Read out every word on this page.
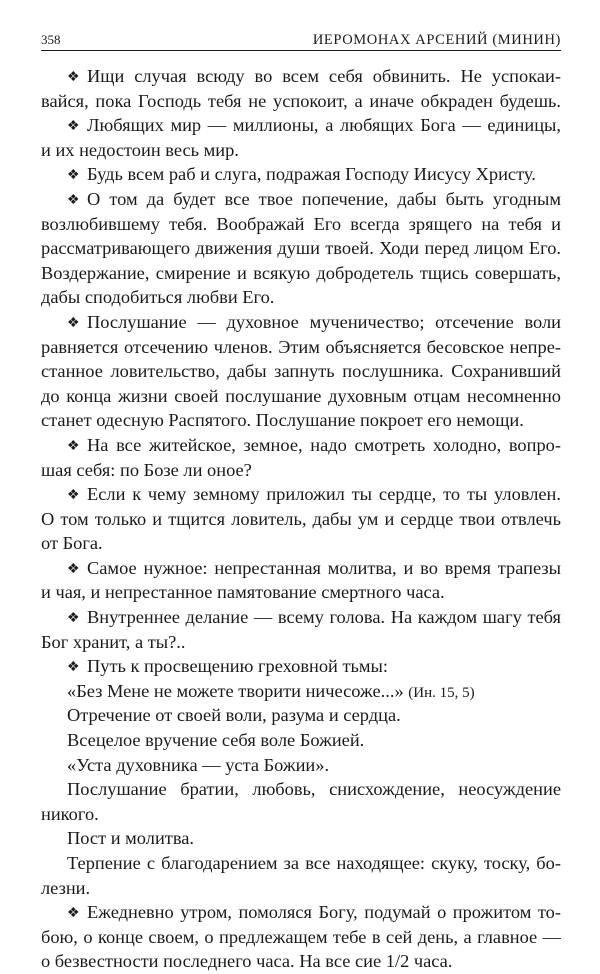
358	ИЕРОМОНАХ АРСЕНИЙ (МИНИН)
❖ Ищи случая всюду во всем себя обвинить. Не успокаи-
вайся, пока Господь тебя не успокоит, а иначе обкраден будешь.
❖ Любящих мир — миллионы, а любящих Бога — единицы,
и их недостоин весь мир.
❖ Будь всем раб и слуга, подражая Господу Иисусу Христу.
❖ О том да будет все твое попечение, дабы быть угодным
возлюбившему тебя. Воображай Его всегда зрящего на тебя и
рассматривающего движения души твоей. Ходи перед лицом Его.
Воздержание, смирение и всякую добродетель тщись совершать,
дабы сподобиться любви Его.
❖ Послушание — духовное мученичество; отсечение воли
равняется отсечению членов. Этим объясняется бесовское непре-
станное ловительство, дабы запнуть послушника. Сохранивший
до конца жизни своей послушание духовным отцам несомненно
станет одесную Распятого. Послушание покроет его немощи.
❖ На все житейское, земное, надо смотреть холодно, вопро-
шая себя: по Бозе ли оное?
❖ Если к чему земному приложил ты сердце, то ты уловлен.
О том только и тщится ловитель, дабы ум и сердце твои отвлечь
от Бога.
❖ Самое нужное: непрестанная молитва, и во время трапезы
и чая, и непрестанное памятование смертного часа.
❖ Внутреннее делание — всему голова. На каждом шагу тебя
Бог хранит, а ты?..
❖ Путь к просвещению греховной тьмы:
«Без Мене не можете творити ничесоже...» (Ин. 15, 5)
Отречение от своей воли, разума и сердца.
Всецелое вручение себя воле Божией.
«Уста духовника — уста Божии».
Послушание братии, любовь, снисхождение, неосуждение
никого.
Пост и молитва.
Терпение с благодарением за все находящее: скуку, тоску, бо-
лезни.
❖ Ежедневно утром, помоляся Богу, подумай о прожитом то-
бою, о конце своем, о предлежащем тебе в сей день, а главное —
о безвестности последнего часа. На все сие 1/2 часа.
